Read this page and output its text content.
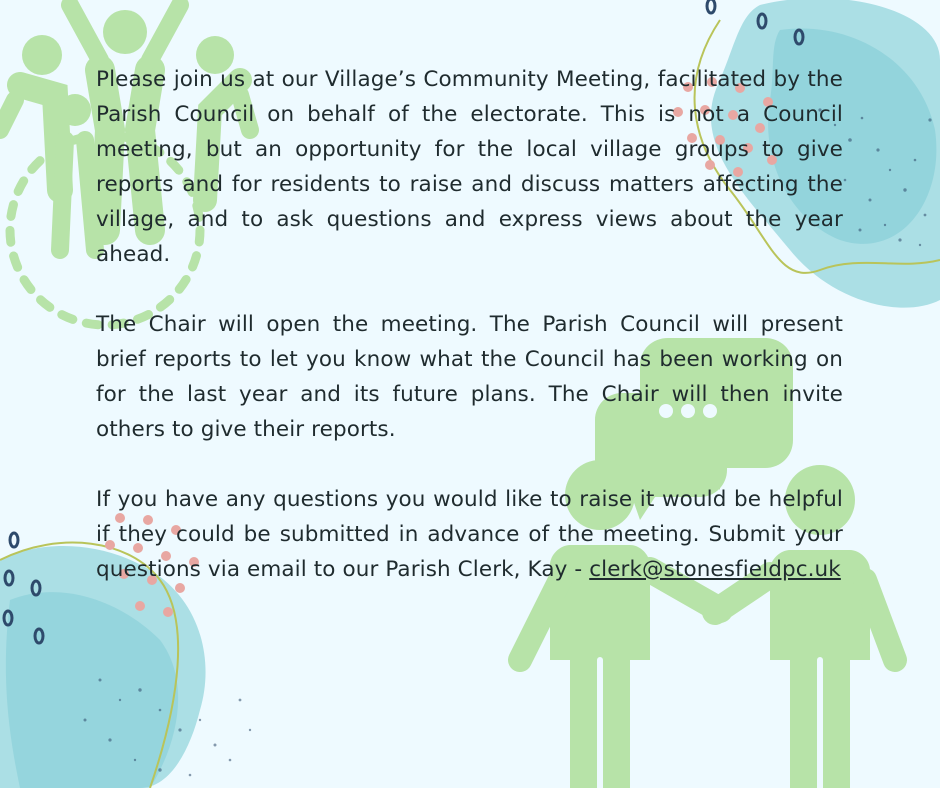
Please join us at our Village’s Community Meeting, facilitated by the Parish Council on behalf of the electorate. This is not a Council meeting, but an opportunity for the local village groups to give reports and for residents to raise and discuss matters affecting the village, and to ask questions and express views about the year ahead.

The Chair will open the meeting. The Parish Council will present brief reports to let you know what the Council has been working on for the last year and its future plans. The Chair will then invite others to give their reports.

If you have any questions you would like to raise it would be helpful if they could be submitted in advance of the meeting. Submit your questions via email to our Parish Clerk, Kay - clerk@stonesfieldpc.uk
